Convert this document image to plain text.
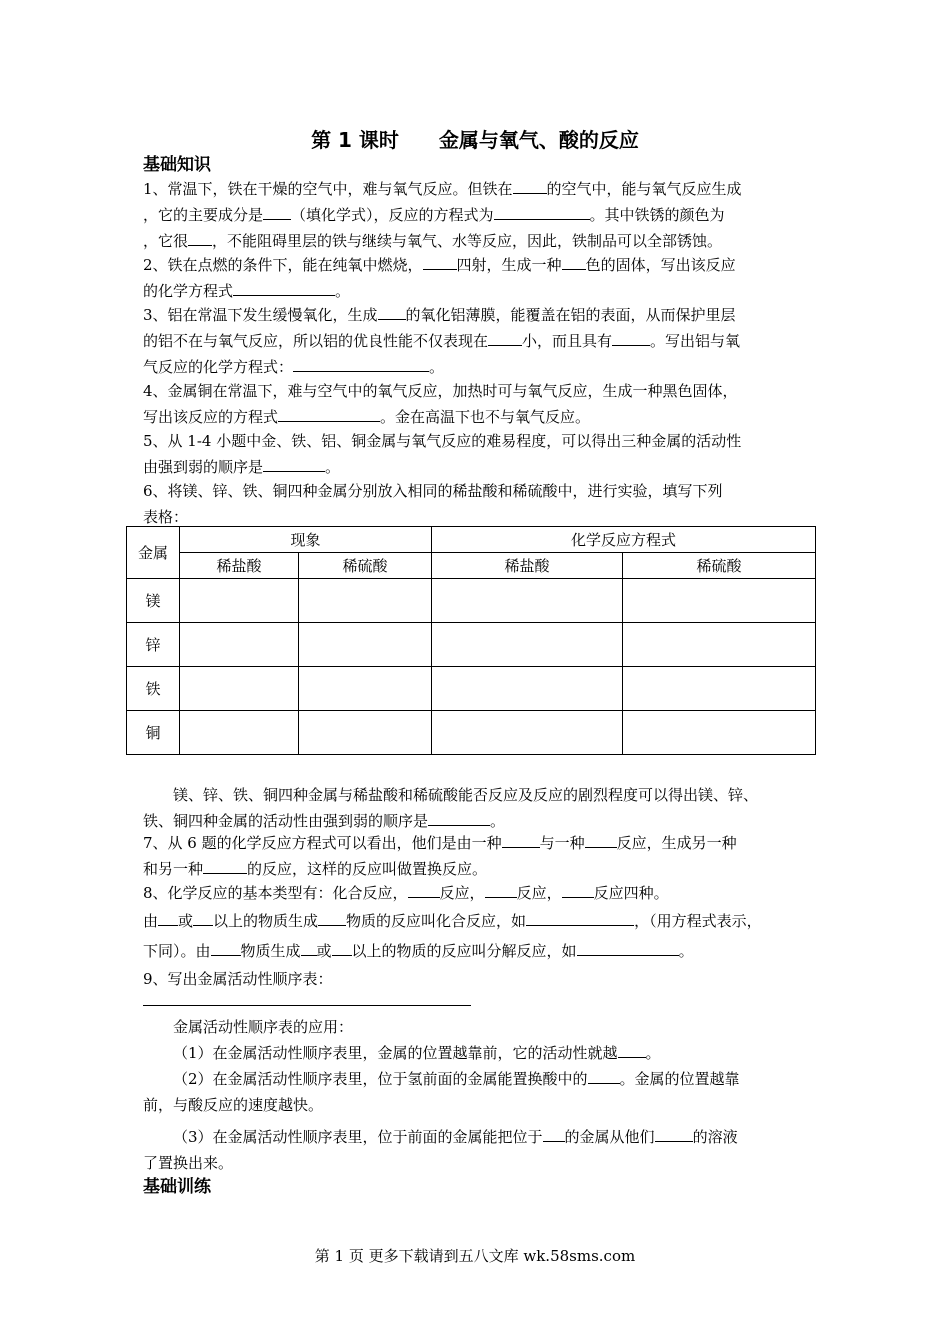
第 1 课时 金属与氧气、酸的反应
基础知识

1、常温下，铁在干燥的空气中，难与氧气反应。但铁在 的空气中，能与氧气反应生成

，它的主要成分是 （填化学式），反应的方程式为	。其中铁锈的颜色为

，它很 ，不能阻碍里层的铁与继续与氧气、水等反应，因此，铁制品可以全部锈蚀。

2、铁在点燃的条件下，能在纯氧中燃烧， 四射，生成一种 色的固体，写出该反应

的化学方程式	。

3、铝在常温下发生缓慢氧化，生成 的氧化铝薄膜，能覆盖在铝的表面，从而保护里层

的铝不在与氧气反应，所以铝的优良性能不仅表现在 小，而且具有	。写出铝与氧

气反应的化学方程式：	。

4、金属铜在常温下，难与空气中的氧气反应，加热时可与氧气反应，生成一种黑色固体，

写出该反应的方程式	。金在高温下也不与氧气反应。

5、从 1-4 小题中金、铁、铝、铜金属与氧气反应的难易程度，可以得出三种金属的活动性

由强到弱的顺序是	。

6、将镁、锌、铁、铜四种金属分别放入相同的稀盐酸和稀硫酸中，进行实验，填写下列

表格：

金属	现象		化学反应方程式	
	稀盐酸	稀硫酸	稀盐酸	稀硫酸
镁				
锌				
铁				
铜				

镁、锌、铁、铜四种金属与稀盐酸和稀硫酸能否反应及反应的剧烈程度可以得出镁、锌、

铁、铜四种金属的活动性由强到弱的顺序是	。

7、从 6 题的化学反应方程式可以看出，他们是由一种	与一种 反应，生成另一种

和另一种	的反应，这样的反应叫做置换反应。

8、化学反应的基本类型有：化合反应， 反应， 反应， 反应四种。

由 或 以上的物质生成 物质的反应叫化合反应，如	，（用方程式表示，

下同）。由 物质生成 或 以上的物质的反应叫分解反应，如	。

9、写出金属活动性顺序表：

金属活动性顺序表的应用：

（1）在金属活动性顺序表里，金属的位置越靠前，它的活动性就越 。

（2）在金属活动性顺序表里，位于氢前面的金属能置换酸中的 。金属的位置越靠

前，与酸反应的速度越快。

（3）在金属活动性顺序表里，位于前面的金属能把位于 的金属从他们	的溶液

了置换出来。

基础训练
第 1 页 更多下载请到五八文库 wk.58sms.com
